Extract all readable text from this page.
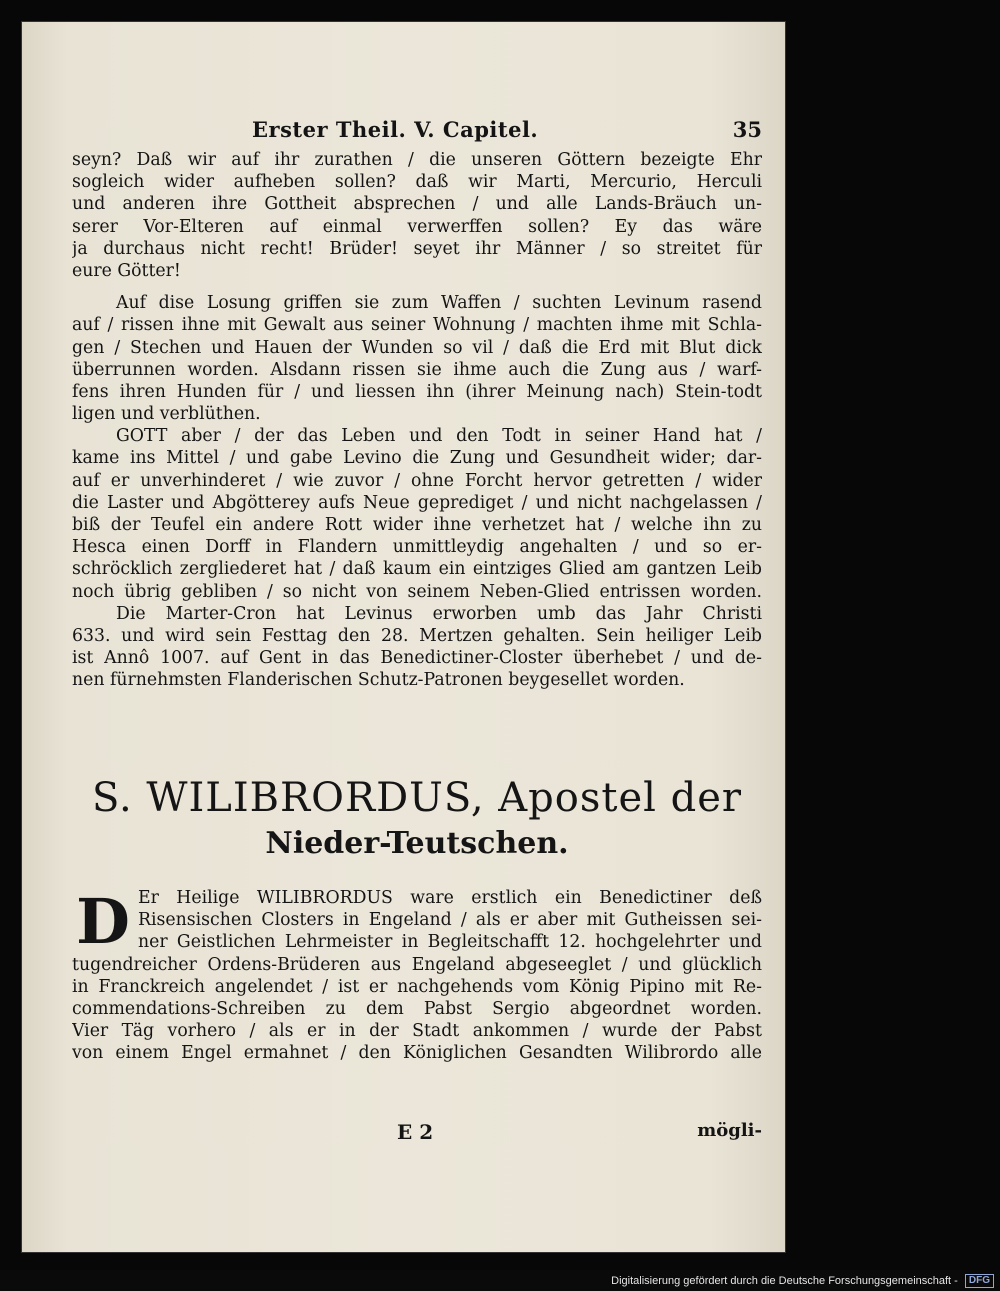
Erster Theil. V. Capitel.	35
seyn? Daß wir auf ihr zurathen / die unseren Göttern bezeigte Ehr
sogleich wider aufheben sollen? daß wir Marti, Mercurio, Herculi
und anderen ihre Gottheit absprechen / und alle Lands-Bräuch un-
serer Vor-Elteren auf einmal verwerffen sollen? Ey das wäre
ja durchaus nicht recht! Brüder! seyet ihr Männer / so streitet für
eure Götter!
Auf dise Losung griffen sie zum Waffen / suchten Levinum rasend
auf / rissen ihne mit Gewalt aus seiner Wohnung / machten ihme mit Schla-
gen / Stechen und Hauen der Wunden so vil / daß die Erd mit Blut dick
überrunnen worden. Alsdann rissen sie ihme auch die Zung aus / warf-
fens ihren Hunden für / und liessen ihn (ihrer Meinung nach) Stein-todt
ligen und verblüthen.
GOTT aber / der das Leben und den Todt in seiner Hand hat /
kame ins Mittel / und gabe Levino die Zung und Gesundheit wider; dar-
auf er unverhinderet / wie zuvor / ohne Forcht hervor getretten / wider
die Laster und Abgötterey aufs Neue geprediget / und nicht nachgelassen /
biß der Teufel ein andere Rott wider ihne verhetzet hat / welche ihn zu
Hesca einen Dorff in Flandern unmittleydig angehalten / und so er-
schröcklich zergliederet hat / daß kaum ein eintziges Glied am gantzen Leib
noch übrig gebliben / so nicht von seinem Neben-Glied entrissen worden.
Die Marter-Cron hat Levinus erworben umb das Jahr Christi
633. und wird sein Festtag den 28. Mertzen gehalten. Sein heiliger Leib
ist Annô 1007. auf Gent in das Benedictiner-Closter überhebet / und de-
nen fürnehmsten Flanderischen Schutz-Patronen beygesellet worden.
S. WILIBRORDUS, Apostel der
Nieder-Teutschen.
D Er Heilige WILIBRORDUS ware erstlich ein Benedictiner deß
Risensischen Closters in Engeland / als er aber mit Gutheissen sei-
ner Geistlichen Lehrmeister in Begleitschafft 12. hochgelehrter und
tugendreicher Ordens-Brüderen aus Engeland abgeseeglet / und glücklich
in Franckreich angelendet / ist er nachgehends vom König Pipino mit Re-
commendations-Schreiben zu dem Pabst Sergio abgeordnet worden.
Vier Täg vorhero / als er in der Stadt ankommen / wurde der Pabst
von einem Engel ermahnet / den Königlichen Gesandten Wilibrordo alle
E 2	mögli-
Digitalisierung gefördert durch die Deutsche Forschungsgemeinschaft - DFG
